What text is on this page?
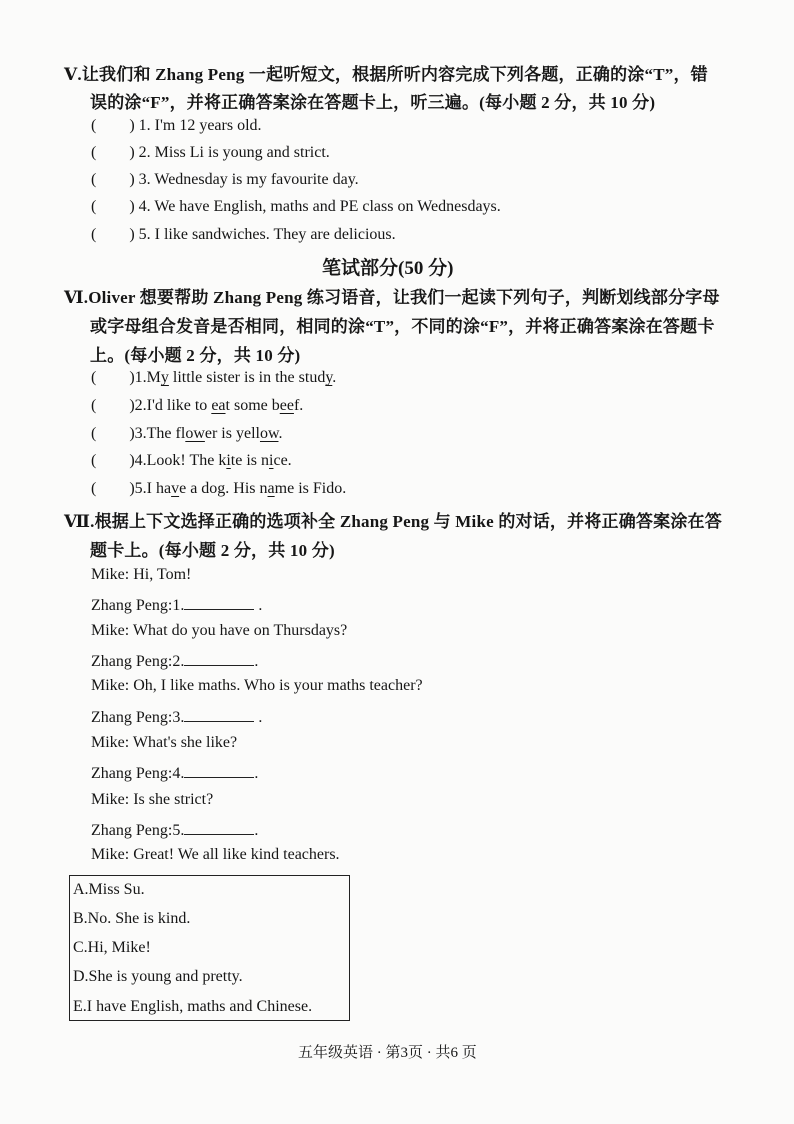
Ⅴ.让我们和 Zhang Peng 一起听短文，根据所听内容完成下列各题，正确的涂“T”，错
误的涂“F”，并将正确答案涂在答题卡上，听三遍。(每小题 2 分，共 10 分)
( ) 1. I'm 12 years old.
( ) 2. Miss Li is young and strict.
( ) 3. Wednesday is my favourite day.
( ) 4. We have English, maths and PE class on Wednesdays.
( ) 5. I like sandwiches. They are delicious.
笔试部分(50 分)
Ⅵ.Oliver 想要帮助 Zhang Peng 练习语音，让我们一起读下列句子，判断划线部分字母
或字母组合发音是否相同，相同的涂“T”，不同的涂“F”，并将正确答案涂在答题卡
上。(每小题 2 分，共 10 分)
( )1.My little sister is in the study.
( )2.I'd like to eat some beef.
( )3.The flower is yellow.
( )4.Look! The kite is nice.
( )5.I have a dog. His name is Fido.
Ⅶ.根据上下文选择正确的选项补全 Zhang Peng 与 Mike 的对话，并将正确答案涂在答
题卡上。(每小题 2 分，共 10 分)
Mike: Hi, Tom!
Zhang Peng:1.	.
Mike: What do you have on Thursdays?
Zhang Peng:2.	.
Mike: Oh, I like maths. Who is your maths teacher?
Zhang Peng:3.	.
Mike: What's she like?
Zhang Peng:4.	.
Mike: Is she strict?
Zhang Peng:5.	.
Mike: Great! We all like kind teachers.
A.Miss Su.
B.No. She is kind.
C.Hi, Mike!
D.She is young and pretty.
E.I have English, maths and Chinese.
五年级英语 · 第3页 · 共6 页
